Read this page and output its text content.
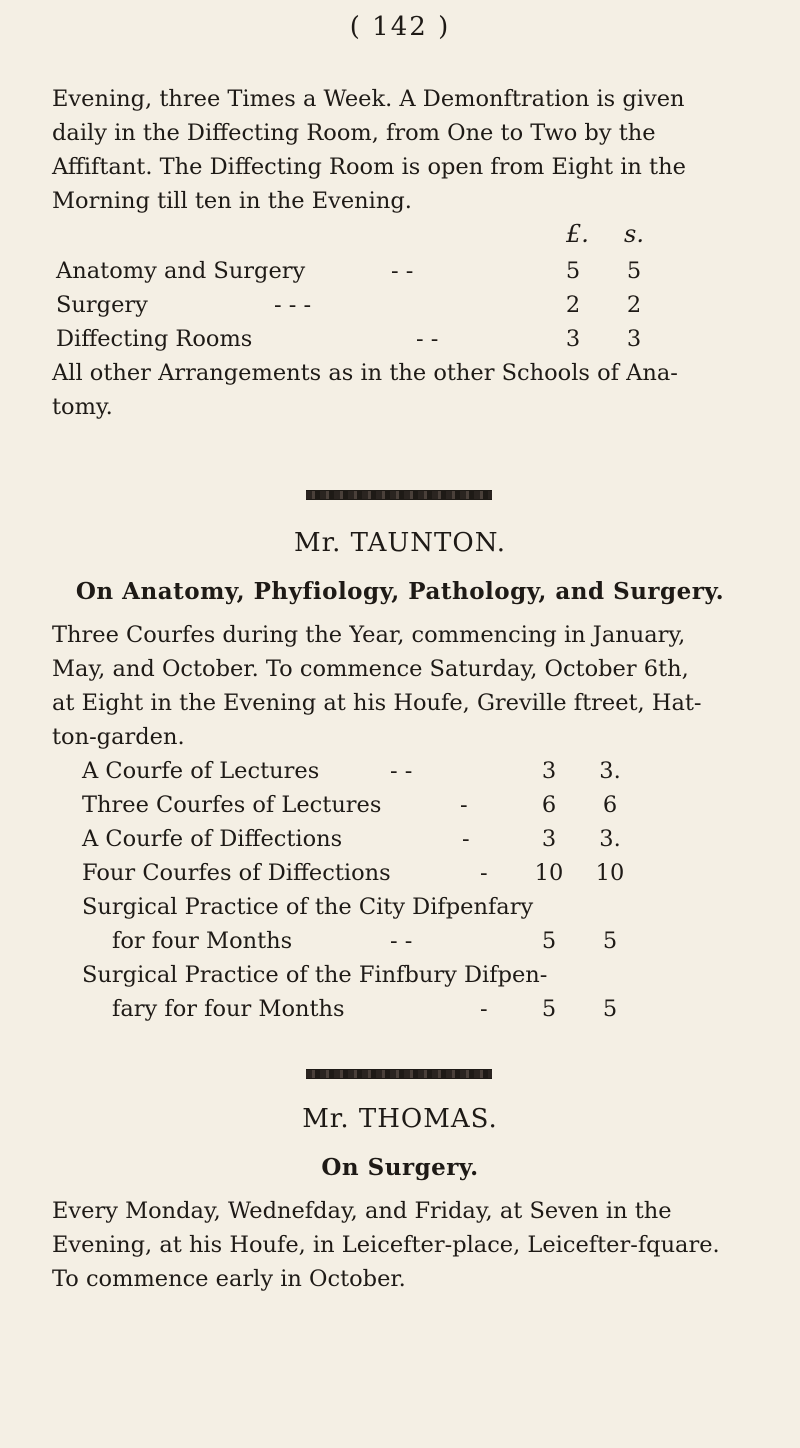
( 142 )
Evening, three Times a Week. A Demonftration is given
daily in the Diffecting Room, from One to Two by the
Affiftant. The Diffecting Room is open from Eight in the
Morning till ten in the Evening.
£. s.
Anatomy and Surgery	- -	5	5
Surgery	- - -	2	2
Diffecting Rooms	- -	3	3
All other Arrangements as in the other Schools of Ana-
tomy.
Mr. TAUNTON.
On Anatomy, Phyfiology, Pathology, and Surgery.
Three Courfes during the Year, commencing in January,
May, and October. To commence Saturday, October 6th,
at Eight in the Evening at his Houfe, Greville ftreet, Hat-
ton-garden.
A Courfe of Lectures	- -	3	3.
Three Courfes of Lectures	-	6	6
A Courfe of Diffections	-	3	3.
Four Courfes of Diffections	- 10 10
Surgical Practice of the City Difpenfary
for four Months	- -	5	5
Surgical Practice of the Finfbury Difpen-
fary for four Months	-	5	5
Mr. THOMAS.
On Surgery.
Every Monday, Wednefday, and Friday, at Seven in the
Evening, at his Houfe, in Leicefter-place, Leicefter-fquare.
To commence early in October.
